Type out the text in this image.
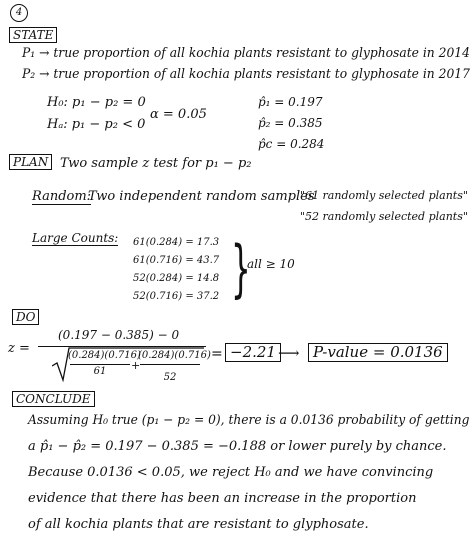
4
STATE
P₁ → true proportion of all kochia plants resistant to glyphosate in 2014
P₂ → true proportion of all kochia plants resistant to glyphosate in 2017
H₀: p₁ − p₂ = 0
Hₐ: p₁ − p₂ < 0
α = 0.05
p̂₁ = 0.197
p̂₂ = 0.385
p̂c = 0.284
PLAN Two sample z test for p₁ − p₂
Random:
Two independent random samples
"61 randomly selected plants"
"52 randomly selected plants"
Large Counts: 61(0.284) = 17.3
61(0.716) = 43.7
52(0.284) = 14.8
52(0.716) = 37.2 }
all ≥ 10
DO
z =
(0.197 − 0.385) − 0
(0.284)(0.716)
61	+
(0.284)(0.716)
52
= −2.21 ⟶ P-value = 0.0136
CONCLUDE
Assuming H₀ true (p₁ − p₂ = 0), there is a 0.0136 probability of getting
a p̂₁ − p̂₂ = 0.197 − 0.385 = −0.188 or lower purely by chance.
Because 0.0136 < 0.05, we reject H₀ and we have convincing
evidence that there has been an increase in the proportion
of all kochia plants that are resistant to glyphosate.
